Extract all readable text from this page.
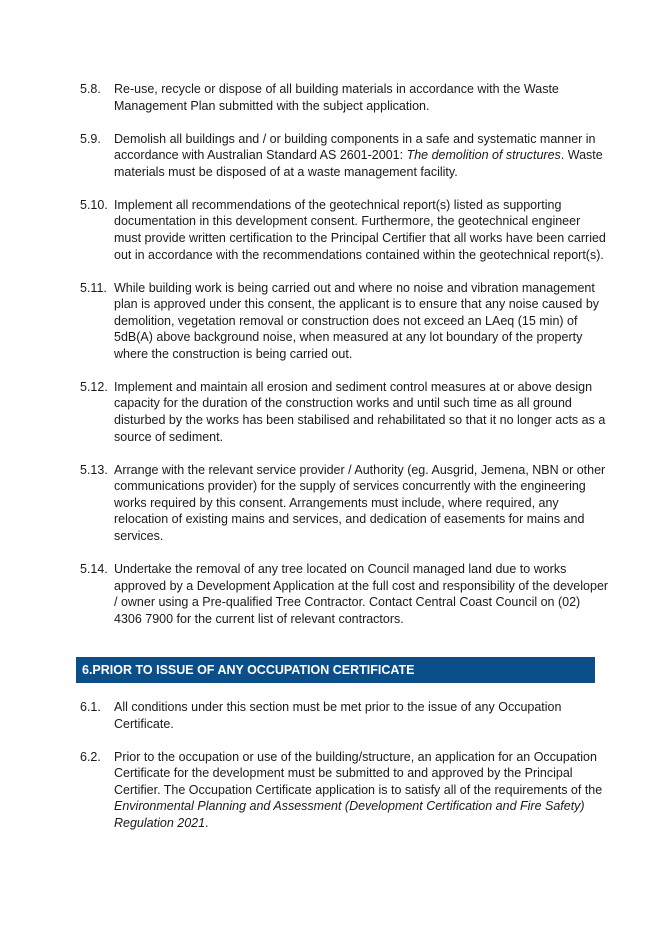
5.8.	Re-use, recycle or dispose of all building materials in accordance with the Waste Management Plan submitted with the subject application.
5.9.	Demolish all buildings and / or building components in a safe and systematic manner in accordance with Australian Standard AS 2601-2001: The demolition of structures. Waste materials must be disposed of at a waste management facility.
5.10. Implement all recommendations of the geotechnical report(s) listed as supporting documentation in this development consent. Furthermore, the geotechnical engineer must provide written certification to the Principal Certifier that all works have been carried out in accordance with the recommendations contained within the geotechnical report(s).
5.11. While building work is being carried out and where no noise and vibration management plan is approved under this consent, the applicant is to ensure that any noise caused by demolition, vegetation removal or construction does not exceed an LAeq (15 min) of 5dB(A) above background noise, when measured at any lot boundary of the property where the construction is being carried out.
5.12. Implement and maintain all erosion and sediment control measures at or above design capacity for the duration of the construction works and until such time as all ground disturbed by the works has been stabilised and rehabilitated so that it no longer acts as a source of sediment.
5.13. Arrange with the relevant service provider / Authority (eg. Ausgrid, Jemena, NBN or other communications provider) for the supply of services concurrently with the engineering works required by this consent. Arrangements must include, where required, any relocation of existing mains and services, and dedication of easements for mains and services.
5.14. Undertake the removal of any tree located on Council managed land due to works approved by a Development Application at the full cost and responsibility of the developer / owner using a Pre-qualified Tree Contractor. Contact Central Coast Council on (02) 4306 7900 for the current list of relevant contractors.
6.PRIOR TO ISSUE OF ANY OCCUPATION CERTIFICATE
6.1.	All conditions under this section must be met prior to the issue of any Occupation Certificate.
6.2.	Prior to the occupation or use of the building/structure, an application for an Occupation Certificate for the development must be submitted to and approved by the Principal Certifier. The Occupation Certificate application is to satisfy all of the requirements of the Environmental Planning and Assessment (Development Certification and Fire Safety) Regulation 2021.
